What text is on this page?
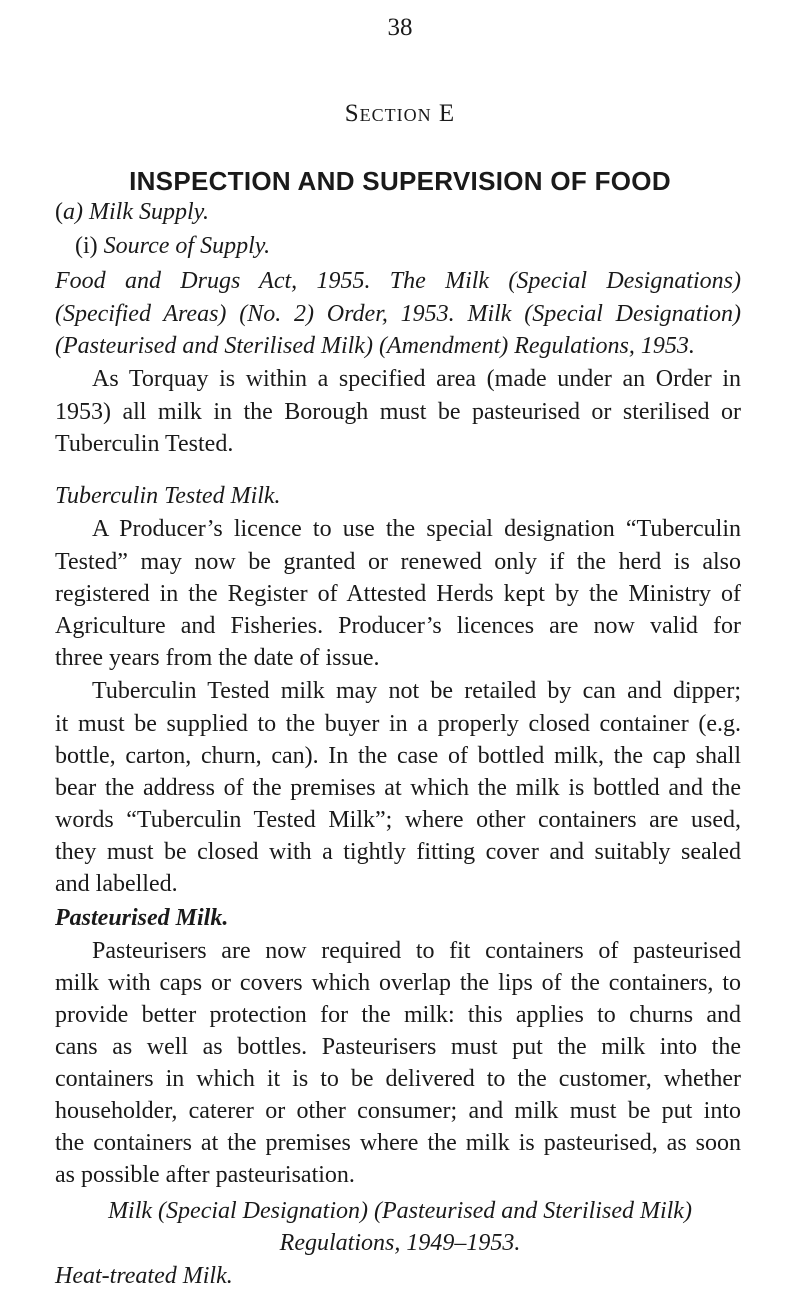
38
Section E
INSPECTION AND SUPERVISION OF FOOD
(a) Milk Supply.
(i) Source of Supply.
Food and Drugs Act, 1955. The Milk (Special Designations)
(Specified Areas) (No. 2) Order, 1953. Milk (Special Designation)
(Pasteurised and Sterilised Milk) (Amendment) Regulations, 1953.
As Torquay is within a specified area (made under an Order in
1953) all milk in the Borough must be pasteurised or sterilised or
Tuberculin Tested.
Tuberculin Tested Milk.
A Producer’s licence to use the special designation “Tuberculin
Tested” may now be granted or renewed only if the herd is also
registered in the Register of Attested Herds kept by the Ministry of
Agriculture and Fisheries. Producer’s licences are now valid for
three years from the date of issue.
Tuberculin Tested milk may not be retailed by can and dipper;
it must be supplied to the buyer in a properly closed container (e.g.
bottle, carton, churn, can). In the case of bottled milk, the cap shall
bear the address of the premises at which the milk is bottled and the
words “Tuberculin Tested Milk”; where other containers are used,
they must be closed with a tightly fitting cover and suitably sealed
and labelled.
Pasteurised Milk.
Pasteurisers are now required to fit containers of pasteurised
milk with caps or covers which overlap the lips of the containers, to
provide better protection for the milk: this applies to churns and
cans as well as bottles. Pasteurisers must put the milk into the
containers in which it is to be delivered to the customer, whether
householder, caterer or other consumer; and milk must be put into
the containers at the premises where the milk is pasteurised, as soon
as possible after pasteurisation.
Milk (Special Designation) (Pasteurised and Sterilised Milk)
Regulations, 1949–1953.
Heat-treated Milk.
